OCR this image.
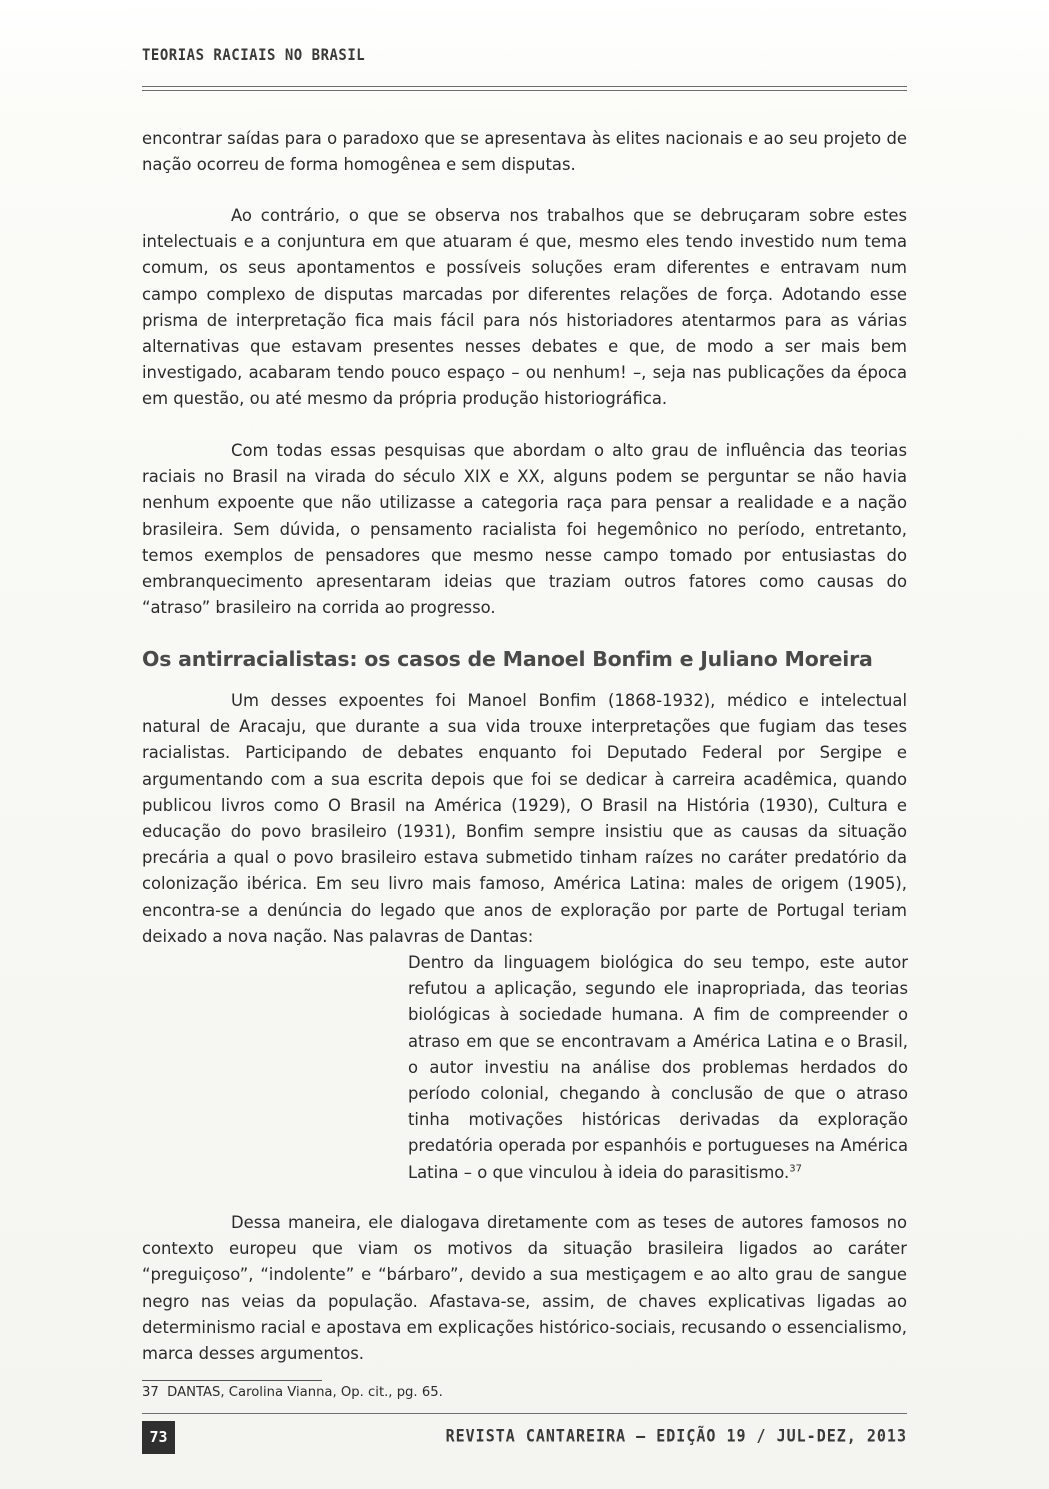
TEORIAS RACIAIS NO BRASIL

encontrar saídas para o paradoxo que se apresentava às elites nacionais e ao seu projeto de nação ocorreu de forma homogênea e sem disputas.

Ao contrário, o que se observa nos trabalhos que se debruçaram sobre estes intelectuais e a conjuntura em que atuaram é que, mesmo eles tendo investido num tema comum, os seus apontamentos e possíveis soluções eram diferentes e entravam num campo complexo de disputas marcadas por diferentes relações de força. Adotando esse prisma de interpretação fica mais fácil para nós historiadores atentarmos para as várias alternativas que estavam presentes nesses debates e que, de modo a ser mais bem investigado, acabaram tendo pouco espaço – ou nenhum! –, seja nas publicações da época em questão, ou até mesmo da própria produção historiográfica.

Com todas essas pesquisas que abordam o alto grau de influência das teorias raciais no Brasil na virada do século XIX e XX, alguns podem se perguntar se não havia nenhum expoente que não utilizasse a categoria raça para pensar a realidade e a nação brasileira. Sem dúvida, o pensamento racialista foi hegemônico no período, entretanto, temos exemplos de pensadores que mesmo nesse campo tomado por entusiastas do embranquecimento apresentaram ideias que traziam outros fatores como causas do “atraso” brasileiro na corrida ao progresso.

Os antirracialistas: os casos de Manoel Bonfim e Juliano Moreira

Um desses expoentes foi Manoel Bonfim (1868-1932), médico e intelectual natural de Aracaju, que durante a sua vida trouxe interpretações que fugiam das teses racialistas. Participando de debates enquanto foi Deputado Federal por Sergipe e argumentando com a sua escrita depois que foi se dedicar à carreira acadêmica, quando publicou livros como O Brasil na América (1929), O Brasil na História (1930), Cultura e educação do povo brasileiro (1931), Bonfim sempre insistiu que as causas da situação precária a qual o povo brasileiro estava submetido tinham raízes no caráter predatório da colonização ibérica. Em seu livro mais famoso, América Latina: males de origem (1905), encontra-se a denúncia do legado que anos de exploração por parte de Portugal teriam deixado a nova nação. Nas palavras de Dantas:

Dentro da linguagem biológica do seu tempo, este autor refutou a aplicação, segundo ele inapropriada, das teorias biológicas à sociedade humana. A fim de compreender o atraso em que se encontravam a América Latina e o Brasil, o autor investiu na análise dos problemas herdados do período colonial, chegando à conclusão de que o atraso tinha motivações históricas derivadas da exploração predatória operada por espanhóis e portugueses na América Latina – o que vinculou à ideia do parasitismo.$^{37}$

Dessa maneira, ele dialogava diretamente com as teses de autores famosos no contexto europeu que viam os motivos da situação brasileira ligados ao caráter “preguiçoso”, “indolente” e “bárbaro”, devido a sua mestiçagem e ao alto grau de sangue negro nas veias da população. Afastava-se, assim, de chaves explicativas ligadas ao determinismo racial e apostava em explicações histórico-sociais, recusando o essencialismo, marca desses argumentos.

37 DANTAS, Carolina Vianna, Op. cit., pg. 65.
73	REVISTA CANTAREIRA – EDIÇÃO 19 / JUL-DEZ, 2013
